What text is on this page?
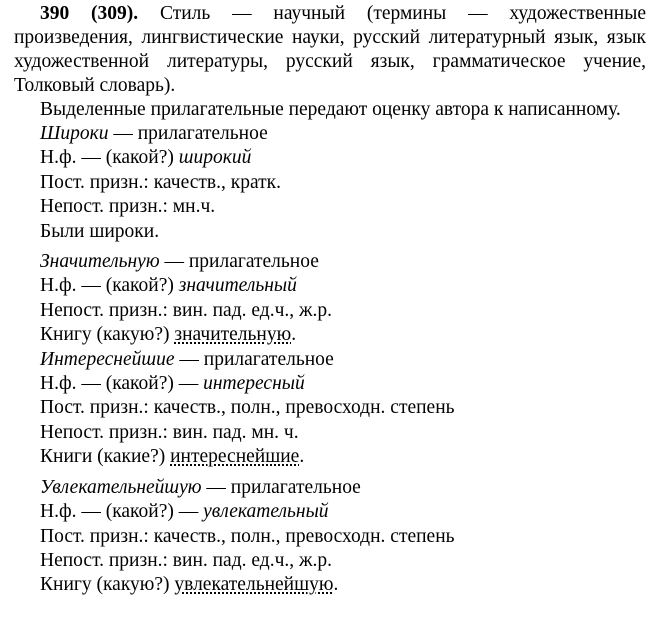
390 (309). Стиль — научный (термины — художественные произведения, лингвистические науки, русский литературный язык, язык художественной литературы, русский язык, грамматическое учение, Толковый словарь).

Выделенные прилагательные передают оценку автора к написанному.

Широки — прилагательное
Н.ф. — (какой?) широкий
Пост. призн.: качеств., кратк.
Непост. призн.: мн.ч.
Были широки.
Значительную — прилагательное
Н.ф. — (какой?) значительный
Непост. призн.: вин. пад. ед.ч., ж.р.
Книгу (какую?) значительную.
Интереснейшие — прилагательное
Н.ф. — (какой?) — интересный
Пост. призн.: качеств., полн., превосходн. степень
Непост. призн.: вин. пад. мн. ч.
Книги (какие?) интереснейшие.
Увлекательнейшую — прилагательное
Н.ф. — (какой?) — увлекательный
Пост. призн.: качеств., полн., превосходн. степень
Непост. призн.: вин. пад. ед.ч., ж.р.
Книгу (какую?) увлекательнейшую.
